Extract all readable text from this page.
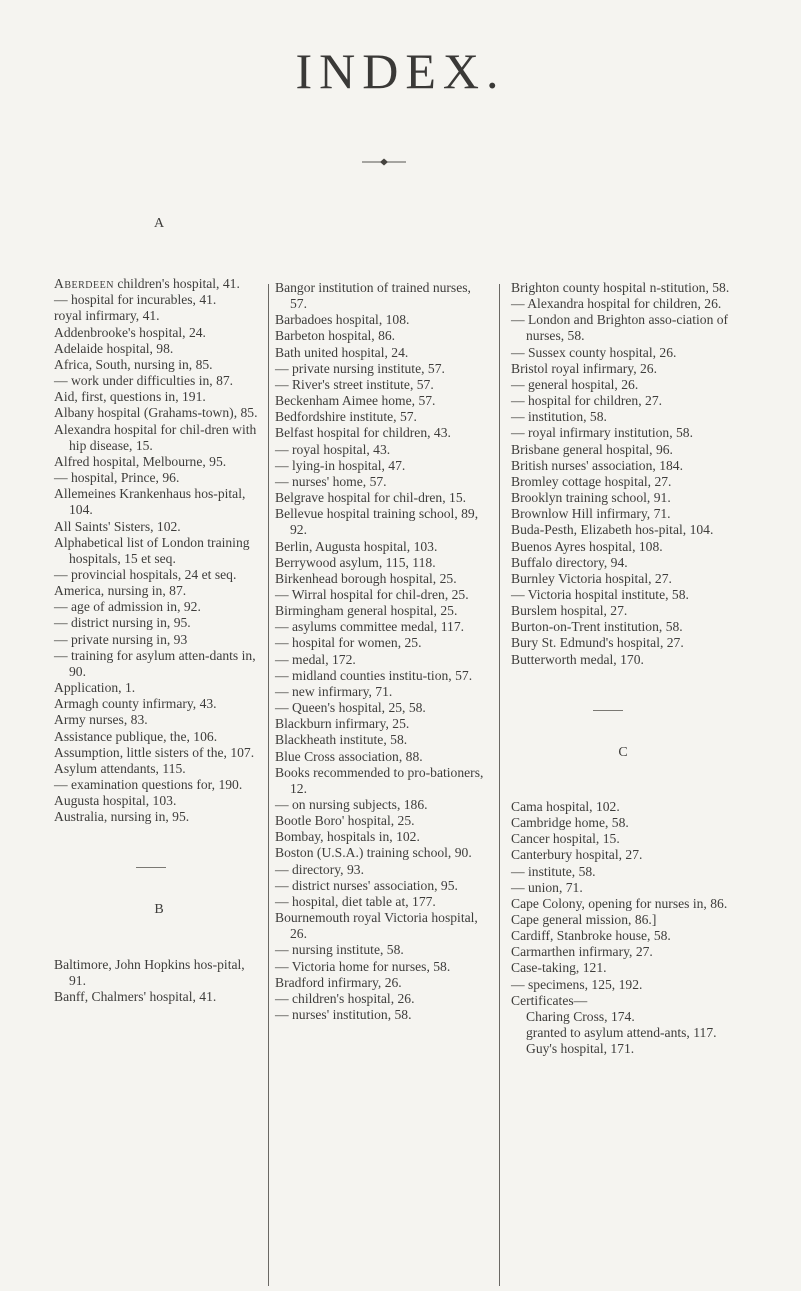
INDEX.

A

Aberdeen children's hospital, 41.

— hospital for incurables, 41.

royal infirmary, 41.

Addenbrooke's hospital, 24.

Adelaide hospital, 98.

Africa, South, nursing in, 85.

— work under difficulties in, 87.

Aid, first, questions in, 191.

Albany hospital (Grahams-town), 85.

Alexandra hospital for chil-dren with hip disease, 15.

Alfred hospital, Melbourne, 95.

— hospital, Prince, 96.

Allemeines Krankenhaus hos-pital, 104.

All Saints' Sisters, 102.

Alphabetical list of London training hospitals, 15 et seq.

— provincial hospitals, 24 et seq.

America, nursing in, 87.

— age of admission in, 92.

— district nursing in, 95.

— private nursing in, 93

— training for asylum atten-dants in, 90.

Application, 1.

Armagh county infirmary, 43.

Army nurses, 83.

Assistance publique, the, 106.

Assumption, little sisters of the, 107.

Asylum attendants, 115.

— examination questions for, 190.

Augusta hospital, 103.

Australia, nursing in, 95.

B

Baltimore, John Hopkins hos-pital, 91.

Banff, Chalmers' hospital, 41.

Bangor institution of trained nurses, 57.

Barbadoes hospital, 108.

Barbeton hospital, 86.

Bath united hospital, 24.

— private nursing institute, 57.

— River's street institute, 57.

Beckenham Aimee home, 57.

Bedfordshire institute, 57.

Belfast hospital for children, 43.

— royal hospital, 43.

— lying-in hospital, 47.

— nurses' home, 57.

Belgrave hospital for chil-dren, 15.

Bellevue hospital training school, 89, 92.

Berlin, Augusta hospital, 103.

Berrywood asylum, 115, 118.

Birkenhead borough hospital, 25.

— Wirral hospital for chil-dren, 25.

Birmingham general hospital, 25.

— asylums committee medal, 117.

— hospital for women, 25.

— medal, 172.

— midland counties institu-tion, 57.

— new infirmary, 71.

— Queen's hospital, 25, 58.

Blackburn infirmary, 25.

Blackheath institute, 58.

Blue Cross association, 88.

Books recommended to pro-bationers, 12.

— on nursing subjects, 186.

Bootle Boro' hospital, 25.

Bombay, hospitals in, 102.

Boston (U.S.A.) training school, 90.

— directory, 93.

— district nurses' association, 95.

— hospital, diet table at, 177.

Bournemouth royal Victoria hospital, 26.

— nursing institute, 58.

— Victoria home for nurses, 58.

Bradford infirmary, 26.

— children's hospital, 26.

— nurses' institution, 58.

Brighton county hospital n-stitution, 58.

— Alexandra hospital for children, 26.

— London and Brighton asso-ciation of nurses, 58.

— Sussex county hospital, 26.

Bristol royal infirmary, 26.

— general hospital, 26.

— hospital for children, 27.

— institution, 58.

— royal infirmary institution, 58.

Brisbane general hospital, 96.

British nurses' association, 184.

Bromley cottage hospital, 27.

Brooklyn training school, 91.

Brownlow Hill infirmary, 71.

Buda-Pesth, Elizabeth hos-pital, 104.

Buenos Ayres hospital, 108.

Buffalo directory, 94.

Burnley Victoria hospital, 27.

— Victoria hospital institute, 58.

Burslem hospital, 27.

Burton-on-Trent institution, 58.

Bury St. Edmund's hospital, 27.

Butterworth medal, 170.

C

Cama hospital, 102.

Cambridge home, 58.

Cancer hospital, 15.

Canterbury hospital, 27.

— institute, 58.

— union, 71.

Cape Colony, opening for nurses in, 86.

Cape general mission, 86.]

Cardiff, Stanbroke house, 58.

Carmarthen infirmary, 27.

Case-taking, 121.

— specimens, 125, 192.

Certificates—

Charing Cross, 174.

granted to asylum attend-ants, 117.

Guy's hospital, 171.
